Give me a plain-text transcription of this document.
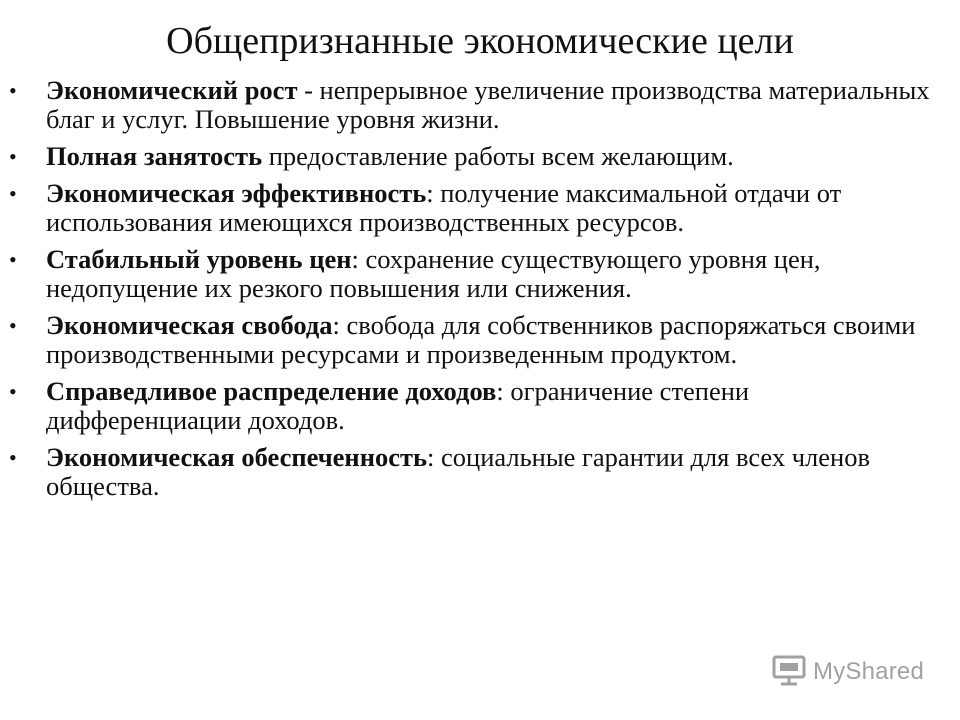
Общепризнанные экономические цели
• Экономический рост - непрерывное увеличение производства материальных благ и услуг. Повышение уровня жизни.
• Полная занятость предоставление работы всем желающим.
• Экономическая эффективность: получение максимальной отдачи от использования имеющихся производственных ресурсов.
• Стабильный уровень цен: сохранение существующего уровня цен, недопущение их резкого повышения или снижения.
• Экономическая свобода: свобода для собственников распоряжаться своими производственными ресурсами и произведенным продуктом.
• Справедливое распределение доходов: ограничение степени дифференциации доходов.
• Экономическая обеспеченность: социальные гарантии для всех членов общества.
MyShared
